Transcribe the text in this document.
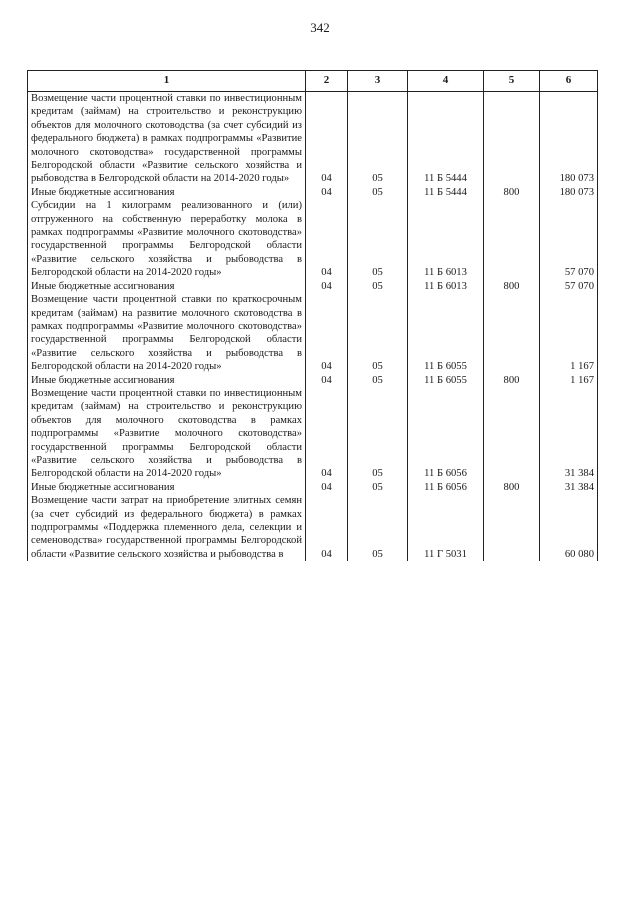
342
1	2	3	4	5	6
Возмещение части процентной ставки по инвестиционным кредитам (займам) на строительство и реконструкцию объектов для молочного скотоводства (за счет субсидий из федерального бюджета) в рамках подпрограммы «Развитие молочного скотоводства» государственной программы Белгородской области «Развитие сельского хозяйства и рыбоводства в Белгородской области на 2014-2020 годы»	04	05	11 Б 5444		180 073
Иные бюджетные ассигнования	04	05	11 Б 5444	800	180 073
Субсидии на 1 килограмм реализованного и (или) отгруженного на собственную переработку молока в рамках подпрограммы «Развитие молочного скотоводства» государственной программы Белгородской области «Развитие сельского хозяйства и рыбоводства в Белгородской области на 2014-2020 годы»	04	05	11 Б 6013		57 070
Иные бюджетные ассигнования	04	05	11 Б 6013	800	57 070
Возмещение части процентной ставки по краткосрочным кредитам (займам) на развитие молочного скотоводства в рамках подпрограммы «Развитие молочного скотоводства» государственной программы Белгородской области «Развитие сельского хозяйства и рыбоводства в Белгородской области на 2014-2020 годы»	04	05	11 Б 6055		1 167
Иные бюджетные ассигнования	04	05	11 Б 6055	800	1 167
Возмещение части процентной ставки по инвестиционным кредитам (займам) на строительство и реконструкцию объектов для молочного скотоводства в рамках подпрограммы «Развитие молочного скотоводства» государственной программы Белгородской области «Развитие сельского хозяйства и рыбоводства в Белгородской области на 2014-2020 годы»	04	05	11 Б 6056		31 384
Иные бюджетные ассигнования	04	05	11 Б 6056	800	31 384
Возмещение части затрат на приобретение элитных семян (за счет субсидий из федерального бюджета) в рамках подпрограммы «Поддержка племенного дела, селекции и семеноводства» государственной программы Белгородской области «Развитие сельского хозяйства и рыбоводства в	04	05	11 Г 5031		60 080
